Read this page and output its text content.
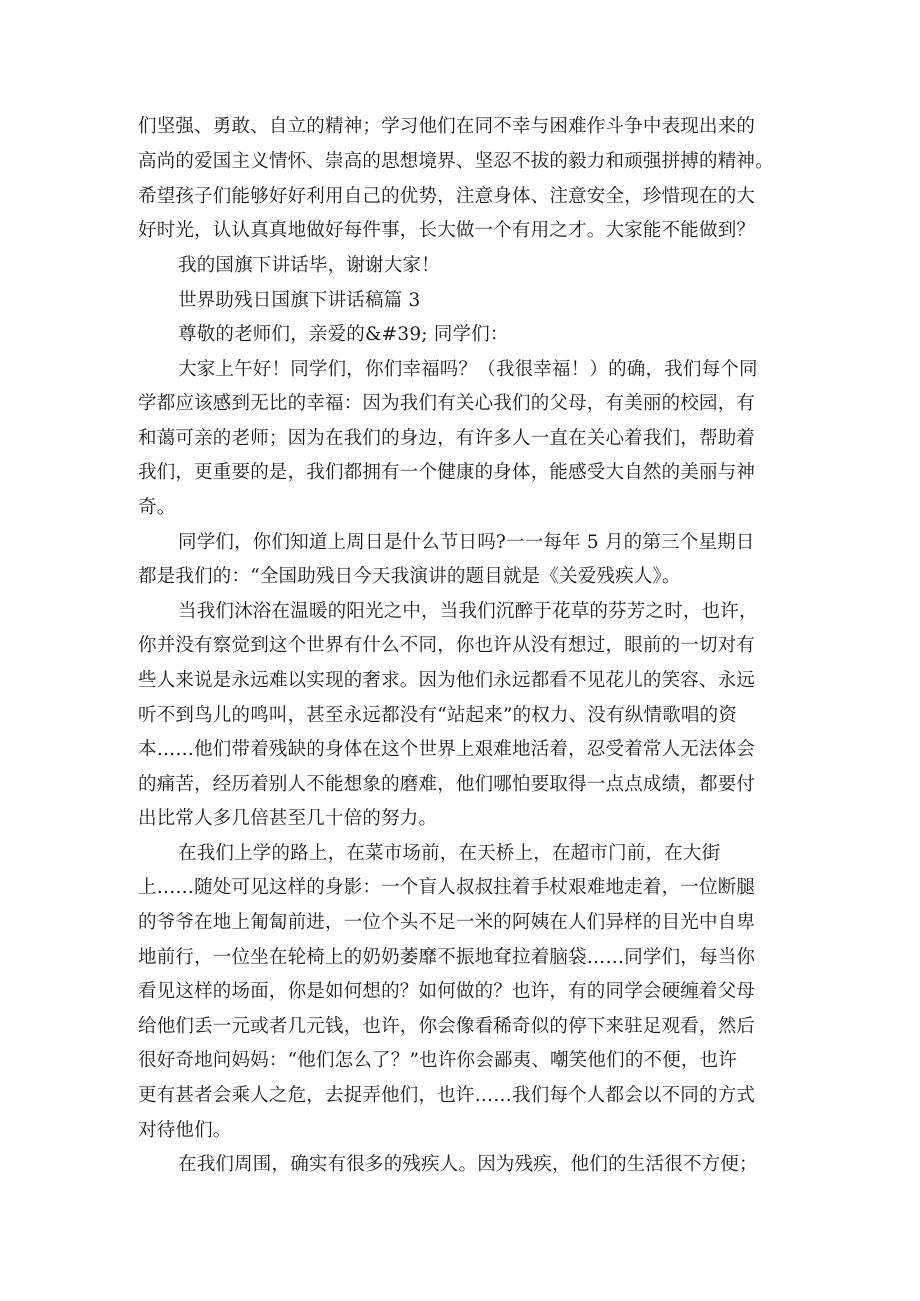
们坚强、勇敢、自立的精神；学习他们在同不幸与困难作斗争中表现出来的
高尚的爱国主义情怀、崇高的思想境界、坚忍不拔的毅力和顽强拼搏的精神。
希望孩子们能够好好利用自己的优势，注意身体、注意安全，珍惜现在的大
好时光，认认真真地做好每件事，长大做一个有用之才。大家能不能做到？
我的国旗下讲话毕，谢谢大家！
世界助残日国旗下讲话稿篇 3
尊敬的老师们，亲爱的&#39; 同学们：
大家上午好！同学们，你们幸福吗？（我很幸福！）的确，我们每个同
学都应该感到无比的幸福：因为我们有关心我们的父母，有美丽的校园，有
和蔼可亲的老师；因为在我们的身边，有许多人一直在关心着我们，帮助着
我们，更重要的是，我们都拥有一个健康的身体，能感受大自然的美丽与神
奇。
同学们，你们知道上周日是什么节日吗?一一每年 5 月的第三个星期日
都是我们的：“全国助残日今天我演讲的题目就是《关爱残疾人》。
当我们沐浴在温暖的阳光之中，当我们沉醉于花草的芬芳之时，也许，
你并没有察觉到这个世界有什么不同，你也许从没有想过，眼前的一切对有
些人来说是永远难以实现的奢求。因为他们永远都看不见花儿的笑容、永远
听不到鸟儿的鸣叫，甚至永远都没有“站起来”的权力、没有纵情歌唱的资
本……他们带着残缺的身体在这个世界上艰难地活着，忍受着常人无法体会
的痛苦，经历着别人不能想象的磨难，他们哪怕要取得一点点成绩，都要付
出比常人多几倍甚至几十倍的努力。
在我们上学的路上，在菜市场前，在天桥上，在超市门前，在大街
上……随处可见这样的身影：一个盲人叔叔拄着手杖艰难地走着，一位断腿
的爷爷在地上匍匐前进，一位个头不足一米的阿姨在人们异样的目光中自卑
地前行，一位坐在轮椅上的奶奶萎靡不振地耷拉着脑袋……同学们，每当你
看见这样的场面，你是如何想的？如何做的？也许，有的同学会硬缠着父母
给他们丢一元或者几元钱，也许，你会像看稀奇似的停下来驻足观看，然后
很好奇地问妈妈：“他们怎么了？”也许你会鄙夷、嘲笑他们的不便，也许
更有甚者会乘人之危，去捉弄他们，也许……我们每个人都会以不同的方式
对待他们。
在我们周围，确实有很多的残疾人。因为残疾，他们的生活很不方便；
